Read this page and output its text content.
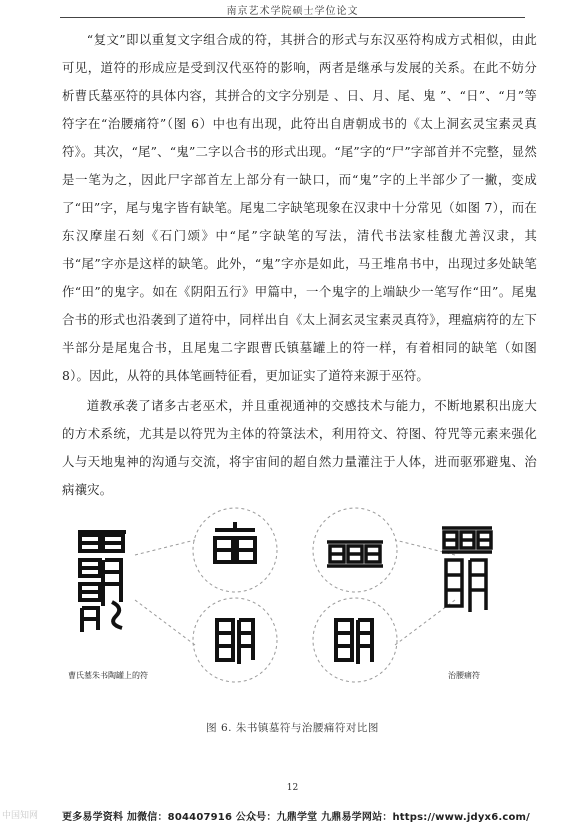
南京艺术学院硕士学位论文

“复文”即以重复文字组合成的符，其拼合的形式与东汉巫符构成方式相似，由此可见，道符的形成应是受到汉代巫符的影响，两者是继承与发展的关系。在此不妨分析曹氏墓巫符的具体内容，其拼合的文字分别是 、日、月、尾、鬼 ”、“日”、“月”等符字在“治腰痛符”（图 6）中也有出现，此符出自唐朝成书的《太上洞玄灵宝素灵真符》。其次，“尾”、“鬼”二字以合书的形式出现。“尾”字的“尸”字部首并不完整，显然是一笔为之，因此尸字部首左上部分有一缺口，而“鬼”字的上半部少了一撇，变成了“田”字，尾与鬼字皆有缺笔。尾鬼二字缺笔现象在汉隶中十分常见（如图 7），而在东汉摩崖石刻《石门颂》中“尾”字缺笔的写法，清代书法家桂馥尤善汉隶，其书“尾”字亦是这样的缺笔。此外，“鬼”字亦是如此，马王堆帛书中，出现过多处缺笔作“田”的鬼字。如在《阴阳五行》甲篇中，一个鬼字的上端缺少一笔写作“田”。尾鬼合书的形式也沿袭到了道符中，同样出自《太上洞玄灵宝素灵真符》，理瘟病符的左下半部分是尾鬼合书，且尾鬼二字跟曹氏镇墓罐上的符一样，有着相同的缺笔（如图 8）。因此，从符的具体笔画特征看，更加证实了道符来源于巫符。

道教承袭了诸多古老巫术，并且重视通神的交感技术与能力，不断地累积出庞大的方术系统，尤其是以符咒为主体的符箓法术，利用符文、符图、符咒等元素来强化人与天地鬼神的沟通与交流，将宇宙间的超自然力量灌注于人体，进而驱邪避鬼、治病禳灾。

曹氏墓朱书陶罐上的符	治腰痛符
图 6. 朱书镇墓符与治腰痛符对比图
12
中国知网 更多易学资料 加微信：804407916 公众号：九鼎学堂 九鼎易学网站：https://www.jdyx6.com/
